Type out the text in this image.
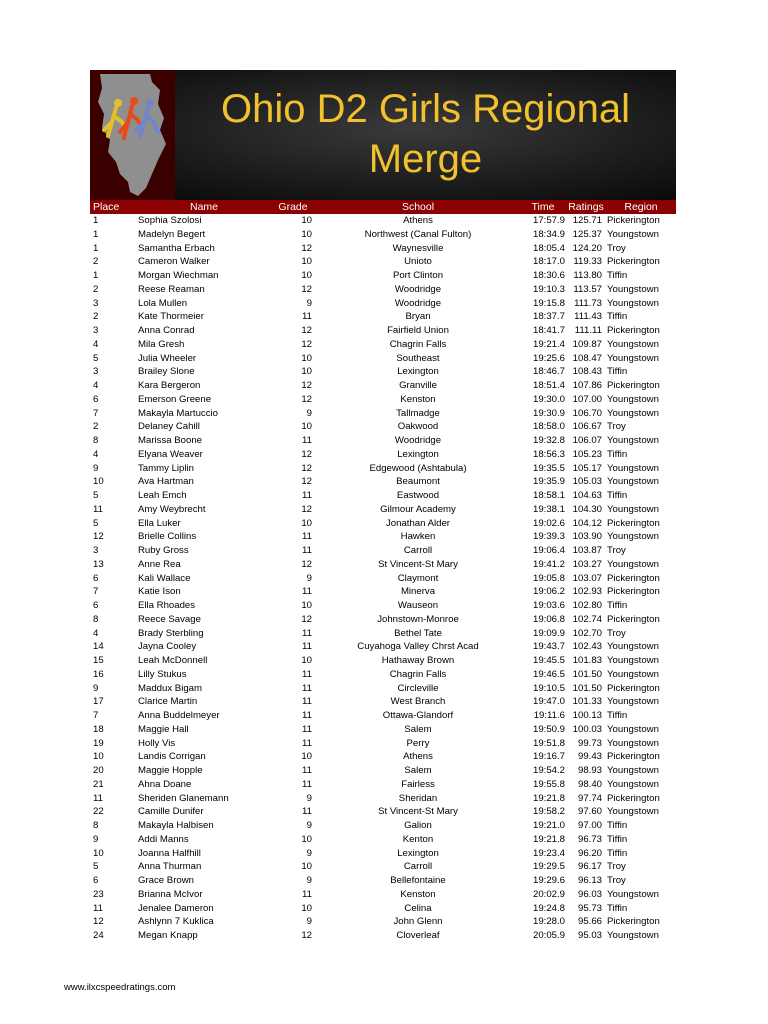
Ohio D2 Girls Regional
Merge
Place	Name	Grade	School	Time	Ratings	Region
1	Sophia Szolosi	10	Athens	17:57.9 125.71 Pickerington
1	Madelyn Begert	10	Northwest (Canal Fulton)	18:34.9 125.37 Youngstown
1	Samantha Erbach	12	Waynesville	18:05.4 124.20 Troy
2	Cameron Walker	10	Unioto	18:17.0 119.33 Pickerington
1	Morgan Wiechman	10	Port Clinton	18:30.6 113.80 Tiffin
2	Reese Reaman	12	Woodridge	19:10.3 113.57 Youngstown
3	Lola Mullen	9	Woodridge	19:15.8 111.73 Youngstown
2	Kate Thormeier	11	Bryan	18:37.7 111.43 Tiffin
3	Anna Conrad	12	Fairfield Union	18:41.7	111.11 Pickerington
4	Mila Gresh	12	Chagrin Falls	19:21.4 109.87 Youngstown
5	Julia Wheeler	10	Southeast	19:25.6 108.47 Youngstown
3	Brailey Slone	10	Lexington	18:46.7 108.43 Tiffin
4	Kara Bergeron	12	Granville	18:51.4 107.86 Pickerington
6	Emerson Greene	12	Kenston	19:30.0 107.00 Youngstown
7	Makayla Martuccio	9	Tallmadge	19:30.9 106.70 Youngstown
2	Delaney Cahill	10	Oakwood	18:58.0 106.67 Troy
8	Marissa Boone	11	Woodridge	19:32.8 106.07 Youngstown
4	Elyana Weaver	12	Lexington	18:56.3 105.23 Tiffin
9	Tammy Liplin	12	Edgewood (Ashtabula)	19:35.5 105.17 Youngstown
10	Ava Hartman	12	Beaumont	19:35.9 105.03 Youngstown
5	Leah Emch	11	Eastwood	18:58.1 104.63 Tiffin
11	Amy Weybrecht	12	Gilmour Academy	19:38.1 104.30 Youngstown
5	Ella Luker	10	Jonathan Alder	19:02.6 104.12 Pickerington
12	Brielle Collins	11	Hawken	19:39.3 103.90 Youngstown
3	Ruby Gross	11	Carroll	19:06.4 103.87 Troy
13	Anne Rea	12	St Vincent-St Mary	19:41.2 103.27 Youngstown
6	Kali Wallace	9	Claymont	19:05.8 103.07 Pickerington
7	Katie Ison	11	Minerva	19:06.2 102.93 Pickerington
6	Ella Rhoades	10	Wauseon	19:03.6 102.80 Tiffin
8	Reece Savage	12	Johnstown-Monroe	19:06.8 102.74 Pickerington
4	Brady Sterbling	11	Bethel Tate	19:09.9 102.70 Troy
14	Jayna Cooley	11	Cuyahoga Valley Chrst Acad	19:43.7 102.43 Youngstown
15	Leah McDonnell	10	Hathaway Brown	19:45.5 101.83 Youngstown
16	Lilly Stukus	11	Chagrin Falls	19:46.5 101.50 Youngstown
9	Maddux Bigam	11	Circleville	19:10.5 101.50 Pickerington
17	Clarice Martin	11	West Branch	19:47.0 101.33 Youngstown
7	Anna Buddelmeyer	11	Ottawa-Glandorf	19:11.6 100.13 Tiffin
18	Maggie Hall	11	Salem	19:50.9 100.03 Youngstown
19	Holly Vis	11	Perry	19:51.8	99.73 Youngstown
10	Landis Corrigan	10	Athens	19:16.7	99.43 Pickerington
20	Maggie Hopple	11	Salem	19:54.2	98.93 Youngstown
21	Ahna Doane	11	Fairless	19:55.8	98.40 Youngstown
11	Sheriden Glanemann	9	Sheridan	19:21.8	97.74 Pickerington
22	Camille Dunifer	11	St Vincent-St Mary	19:58.2	97.60 Youngstown
8	Makayla Halbisen	9	Galion	19:21.0	97.00 Tiffin
9	Addi Manns	10	Kenton	19:21.8	96.73 Tiffin
10	Joanna Halfhill	9	Lexington	19:23.4	96.20 Tiffin
5	Anna Thurman	10	Carroll	19:29.5	96.17 Troy
6	Grace Brown	9	Bellefontaine	19:29.6	96.13 Troy
23	Brianna McIvor	11	Kenston	20:02.9	96.03 Youngstown
11	Jenalee Dameron	10	Celina	19:24.8	95.73 Tiffin
12	Ashlynn 7 Kuklica	9	John Glenn	19:28.0	95.66 Pickerington
24	Megan Knapp	12	Cloverleaf	20:05.9	95.03 Youngstown
www.ilxcspeedratings.com
